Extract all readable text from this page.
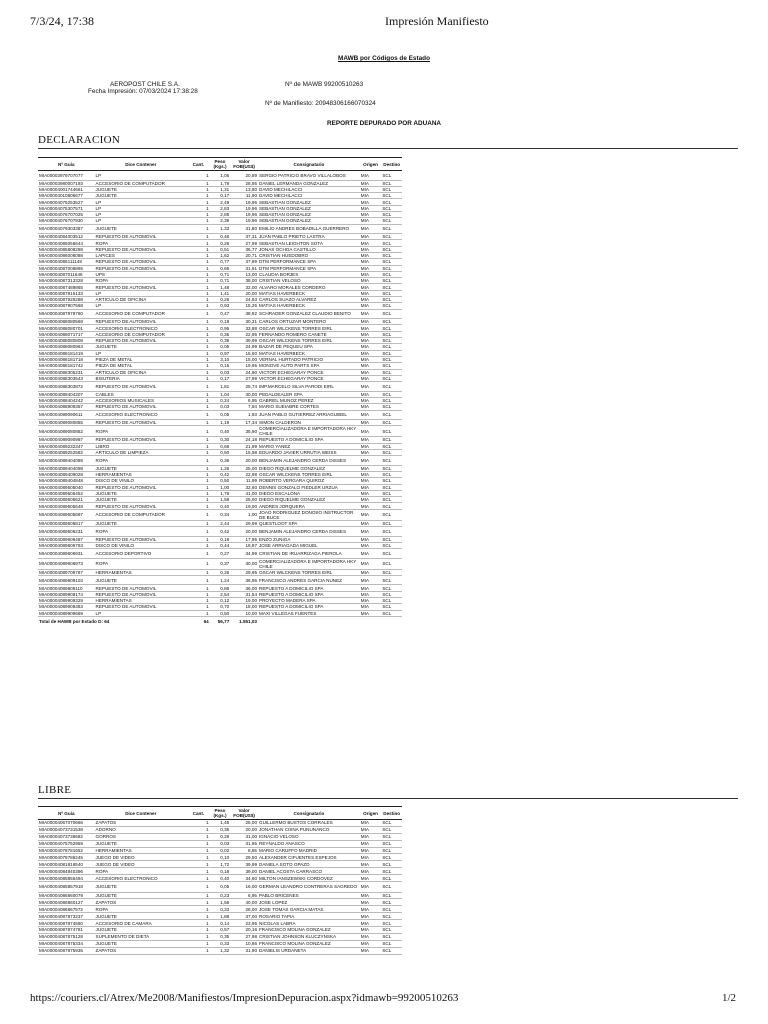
7/3/24, 17:38	Impresión Manifiesto
MAWB por Códigos de Estado
AEROPOST CHILE S.A.
Fecha Impresión: 07/03/2024 17:38:28
Nº de MAWB 99200510263
Nº de Manifiesto: 20948306166070324
REPORTE DEPURADO POR ADUANA
DECLARACION
Nº Guía	Dice Contener	Cant.	Peso (Kgs.)	Valor FOB(US$)	Consignatario	Origen	Destino
MIA00003979707077	LP	1	1,05	20,89	SERGIO PATRICIO BRAVO VILLALOBOS	MIA	SCL
MIA00003980007193	ACCESORIO DE COMPUTADOR	1	1,78	28,95	DANIEL LERMANDA GONZALEZ	MIA	SCL
MIA00004001744661	JUGUETE	1	1,31	13,80	DAVID MECHILACCI	MIA	SCL
MIA00004010806677	JUGUETE	1	0,17	11,90	DAVID MECHILACCI	MIA	SCL
MIA00004075253527	LP	1	2,49	19,96	SEBASTIAN GONZALEZ	MIA	SCL
MIA00004075307571	LP	1	2,83	19,96	SEBASTIAN GONZALEZ	MIA	SCL
MIA00004076707025	LP	1	2,85	19,96	SEBASTIAN GONZALEZ	MIA	SCL
MIA00004076707930	LP	1	2,39	19,96	SEBASTIAN GONZALEZ	MIA	SCL
MIA00004079303387	JUGUETE	1	1,33	31,80	EMILIO ANDRES BOBADILLA GUERRERO	MIA	SCL
MIA00004084003512	REPUESTO DE AUTOMOVIL	1	0,46	37,31	JUAN PABLO PRIETO LASTRA	MIA	SCL
MIA00004085056644	ROPA	1	0,26	27,99	SEBASTIAN LEIGHTON SOTA	MIA	SCL
MIA00004085808288	REPUESTO DE AUTOMOVIL	1	0,51	36,77	JONAS OCHOA CASTILLO	MIA	SCL
MIA00004086006088	LAPICES	1	1,62	20,71	CRISTIAN HUEDOBRO	MIA	SCL
MIA00004086111148	REPUESTO DE AUTOMOVIL	1	0,77	37,99	DTM PERFORMANCE SPA	MIA	SCL
MIA00004087006865	REPUESTO DE AUTOMOVIL	1	0,66	31,91	DTM PERFORMANCE SPA	MIA	SCL
MIA00004087011646	UPS	1	0,71	13,00	CLAUDIA BORJES	MIA	SCL
MIA00004087313328	ROPA	1	0,71	38,00	CRISTIAN VELOSO	MIA	SCL
MIA00004087489865	REPUESTO DE AUTOMOVIL	1	1,48	32,00	ALVARO MORALES CORDERO	MIA	SCL
MIA00004087915133	LP	1	1,41	20,00	MATIAS HAVERBECK	MIA	SCL
MIA00004087926288	ARTICULO DE OFICINA	1	0,26	24,63	CARLOS SUAZO ALVAREZ	MIA	SCL
MIA00004087907568	LP	1	0,93	15,25	MATIAS HAVERBECK	MIA	SCL
MIA00004087979760	ACCESORIO DE COMPUTADOR	1	0,47	38,92	SCHRADER GONZALEZ CLAUDIO BENITO	MIA	SCL
MIA00004088080568	REPUESTO DE AUTOMOVIL	1	0,18	30,31	CARLOS ORTUZAR MONTERO	MIA	SCL
MIA00004088080701	ACCESORIO ELECTRONICO	1	0,95	33,88	OSCAR WILCKENS TORRES EIRL	MIA	SCL
MIA00004088071717	ACCESORIO DE COMPUTADOR	1	0,35	22,95	FERNANDO ROMERO CANETE	MIA	SCL
MIA00004088080808	REPUESTO DE AUTOMOVIL	1	0,39	39,99	OSCAR WILCKENS TORRES EIRL	MIA	SCL
MIA00004088080963	JUGUETE	1	0,05	24,99	BAZAR DE PEQUEU SPA	MIA	SCL
MIA00004088181419	LP	1	0,97	16,60	MATIAS HAVERBECK	MIA	SCL
MIA00004088181718	PIEZA DE METAL	1	3,10	15,00	VERNAL HURTADO PATRICIO	MIA	SCL
MIA00004088181742	PIEZA DE METAL	1	0,15	19,95	MONOVE AUTO PARTS SPA	MIA	SCL
MIA00004088305231	ARTICULO DE OFICINA	1	0,03	24,90	VICTOR ECHEGARAY PONCE	MIA	SCL
MIA00004088303543	BISUTERIA	1	0,17	27,99	VICTOR ECHEGARAY PONCE	MIA	SCL
MIA00004088303872	REPUESTO DE AUTOMOVIL	1	1,81	25,74	IMP.MARCELO SILVA PARODI EIRL	MIA	SCL
MIA00004088404207	CABLES	1	1,04	30,00	PEDALDEALER SPA	MIA	SCL
MIA00004088404242	ACCESORIOS MUSICALES	1	0,24	6,95	GABRIEL MUNOZ PEREZ	MIA	SCL
MIA00004088909357	REPUESTO DE AUTOMOVIL	1	0,03	7,94	MARIO SUEIABRE CORTES	MIA	SCL
MIA00004089090611	ACCESORIO ELECTRONICO	1	0,05	1,93	JUAN PABLO GUTIERREZ ARRIAGUIBEL	MIA	SCL
MIA00004089080855	REPUESTO DE AUTOMOVIL	1	1,19	17,34	SIMON CALDERON	MIA	SCL
MIA00004089080882	ROPA	1	0,40	35,90	COMERCIALIZADORA E IMPORTADORA HKY CHILE	MIA	SCL
MIA00004089090987	REPUESTO DE AUTOMOVIL	1	0,30	24,18	REPUESTO A DOMICILIO SPA	MIA	SCL
MIA00004089232347	LIBRO	1	0,68	21,99	MARIO YANEZ	MIA	SCL
MIA00004089252582	ARTICULO DE LIMPIEZA	1	0,50	15,98	EDUARDO JAVIER URRUTIA WEISS	MIA	SCL
MIA00004089404089	ROPA	1	0,36	20,00	BENJAMIN ALEJANDRO CERDA DISSES	MIA	SCL
MIA00004089404098	JUGUETE	1	1,26	25,00	DIEGO RIQUELME GONZALEZ	MIA	SCL
MIA00004089409028	HERRAMIENTAS	1	0,42	22,98	OSCAR WILCKENS TORRES EIRL	MIA	SCL
MIA00004089404848	DISCO DE VINILO	1	0,50	11,99	ROBERTO VERGARA QUIROZ	MIA	SCL
MIA00004089505040	REPUESTO DE AUTOMOVIL	1	1,00	32,60	DENNIS GONZALO FIEDLER URZUA	MIA	SCL
MIA00004089505452	JUGUETE	1	1,76	41,00	DIEGO ESCALONA	MIA	SCL
MIA00004089505621	JUGUETE	1	1,58	25,00	DIEGO RIQUELME GONZALEZ	MIA	SCL
MIA00004089505648	REPUESTO DE AUTOMOVIL	1	0,40	19,00	ANDRES JORQUERA	MIA	SCL
MIA00004089505697	ACCESORIO DE COMPUTADOR	1	0,34	1,00	JOAO RODRIGUEZ DONOSO INSTRUCTOR DE BUCE	MIA	SCL
MIA00004089505817	JUGUETE	1	2,44	29,99	QUESTLOOT SPA	MIA	SCL
MIA00004089506231	ROPA	1	0,42	20,00	BENJAMIN ALEJANDRO CERDA DISSES	MIA	SCL
MIA00004089606487	REPUESTO DE AUTOMOVIL	1	0,18	17,95	ENZO ZUNIGA	MIA	SCL
MIA00004089606763	DISCO DE VINILO	1	0,44	16,87	JOSE ARRIAGADA MIGUEL	MIA	SCL
MIA00004089606931	ACCESORIO DEPORTIVO	1	0,27	34,99	CRISTIAN DE IRUARRIZAGA PIEROLA	MIA	SCL
MIA00004089606973	ROPA	1	0,37	30,00	COMERCIALIZADORA E IMPORTADORA HKY CHILE	MIA	SCL
MIA00004089708787	HERRAMIENTAS	1	0,26	29,95	OSCAR WILCKENS TORRES EIRL	MIA	SCL
MIA00004089909103	JUGUETE	1	1,24	36,95	FRANCISCO ANDRES GARCIA NUNEZ	MIA	SCL
MIA00004089909110	REPUESTO DE AUTOMOVIL	1	0,86	36,00	REPUESTO A DOMICILIO SPA	MIA	SCL
MIA00004089909174	REPUESTO DE AUTOMOVIL	1	2,54	31,54	REPUESTO A DOMICILIO SPA	MIA	SCL
MIA00004089909329	HERRAMIENTAS	1	0,12	19,00	PROYECTO MADERA SPA	MIA	SCL
MIA00004089909363	REPUESTO DE AUTOMOVIL	1	0,70	18,00	REPUESTO A DOMICILIO SPA	MIA	SCL
MIA00004089909669	LP	1	0,50	10,00	MAXI VILLEGAS FUENTES	MIA	SCL
Total de HAWB por Estado D: 64		64	56,77	1.551,03			
LIBRE
Nº Guía	Dice Contener	Cant.	Peso (Kgs.)	Valor FOB(US$)	Consignatario	Origen	Destino
MIA00004067070666	ZAPATOS	1	1,45	25,00	GUILLERMO BUSTOS CORRALES	MIA	SCL
MIA00004073731538	ADORNO	1	0,35	20,00	JONATHAN CISNA PUNUNANCO	MIA	SCL
MIA00004073736682	GORROS	1	0,29	31,00	IGNACIO VELOSO	MIA	SCL
MIA00004075752959	JUGUETE	1	0,03	31,95	REYNALDO ANASCO	MIA	SCL
MIA00004078781652	HERRAMIENTAS	1	0,02	8,65	MARIO CARUFFO MADRID	MIA	SCL
MIA00004078786245	JUEGO DE VIDEO	1	0,10	29,50	ALEXANDER CIFUENTES ESPEJOS	MIA	SCL
MIA00004081816540	JUEGO DE VIDEO	1	1,72	39,99	DANIELA SOTO OPAZO	MIA	SCL
MIA00004084840396	ROPA	1	0,18	39,00	DANIEL ACOSTA CARRASCO	MIA	SCL
MIA00004085856494	ACCESORIO ELECTRONICO	1	0,40	34,60	MILTON IANSZEWSKI CORDOVEZ	MIA	SCL
MIA00004085857918	JUGUETE	1	0,05	16,00	GERMAN LEANDRO CONTRERAS SAGREDO	MIA	SCL
MIA00004086860079	JUGUETE	1	0,23	6,95	PABLO BRICENES	MIA	SCL
MIA00004086860127	ZAPATOS	1	1,56	40,00	JOSE LOPEZ	MIA	SCL
MIA00004086867572	ROPA	1	0,33	28,00	JOSE TOMAS GARCIA MATAS	MIA	SCL
MIA00004087873237	JUGUETE	1	1,88	37,00	ROSARIO TAPIA	MIA	SCL
MIA00004087874580	ACCESORIO DE CAMARA	1	0,14	23,95	NICOLAS LABRA	MIA	SCL
MIA00004087874781	JUGUETE	1	0,57	20,16	FRANCISCO MOLINA GONZALEZ	MIA	SCL
MIA00004087875128	SUPLEMENTO DE DIETA	1	0,35	27,98	CRISTIAN JOHNSON KLUCZYNSKA	MIA	SCL
MIA00004087875334	JUGUETE	1	0,33	10,86	FRANCISCO MOLINA GONZALEZ	MIA	SCL
MIA00004087875935	ZAPATOS	1	1,32	31,90	DANIELIS URDANETA	MIA	SCL
https://couriers.cl/Atrex/Me2008/Manifiestos/ImpresionDepuracion.aspx?idmawb=99200510263	1/2
